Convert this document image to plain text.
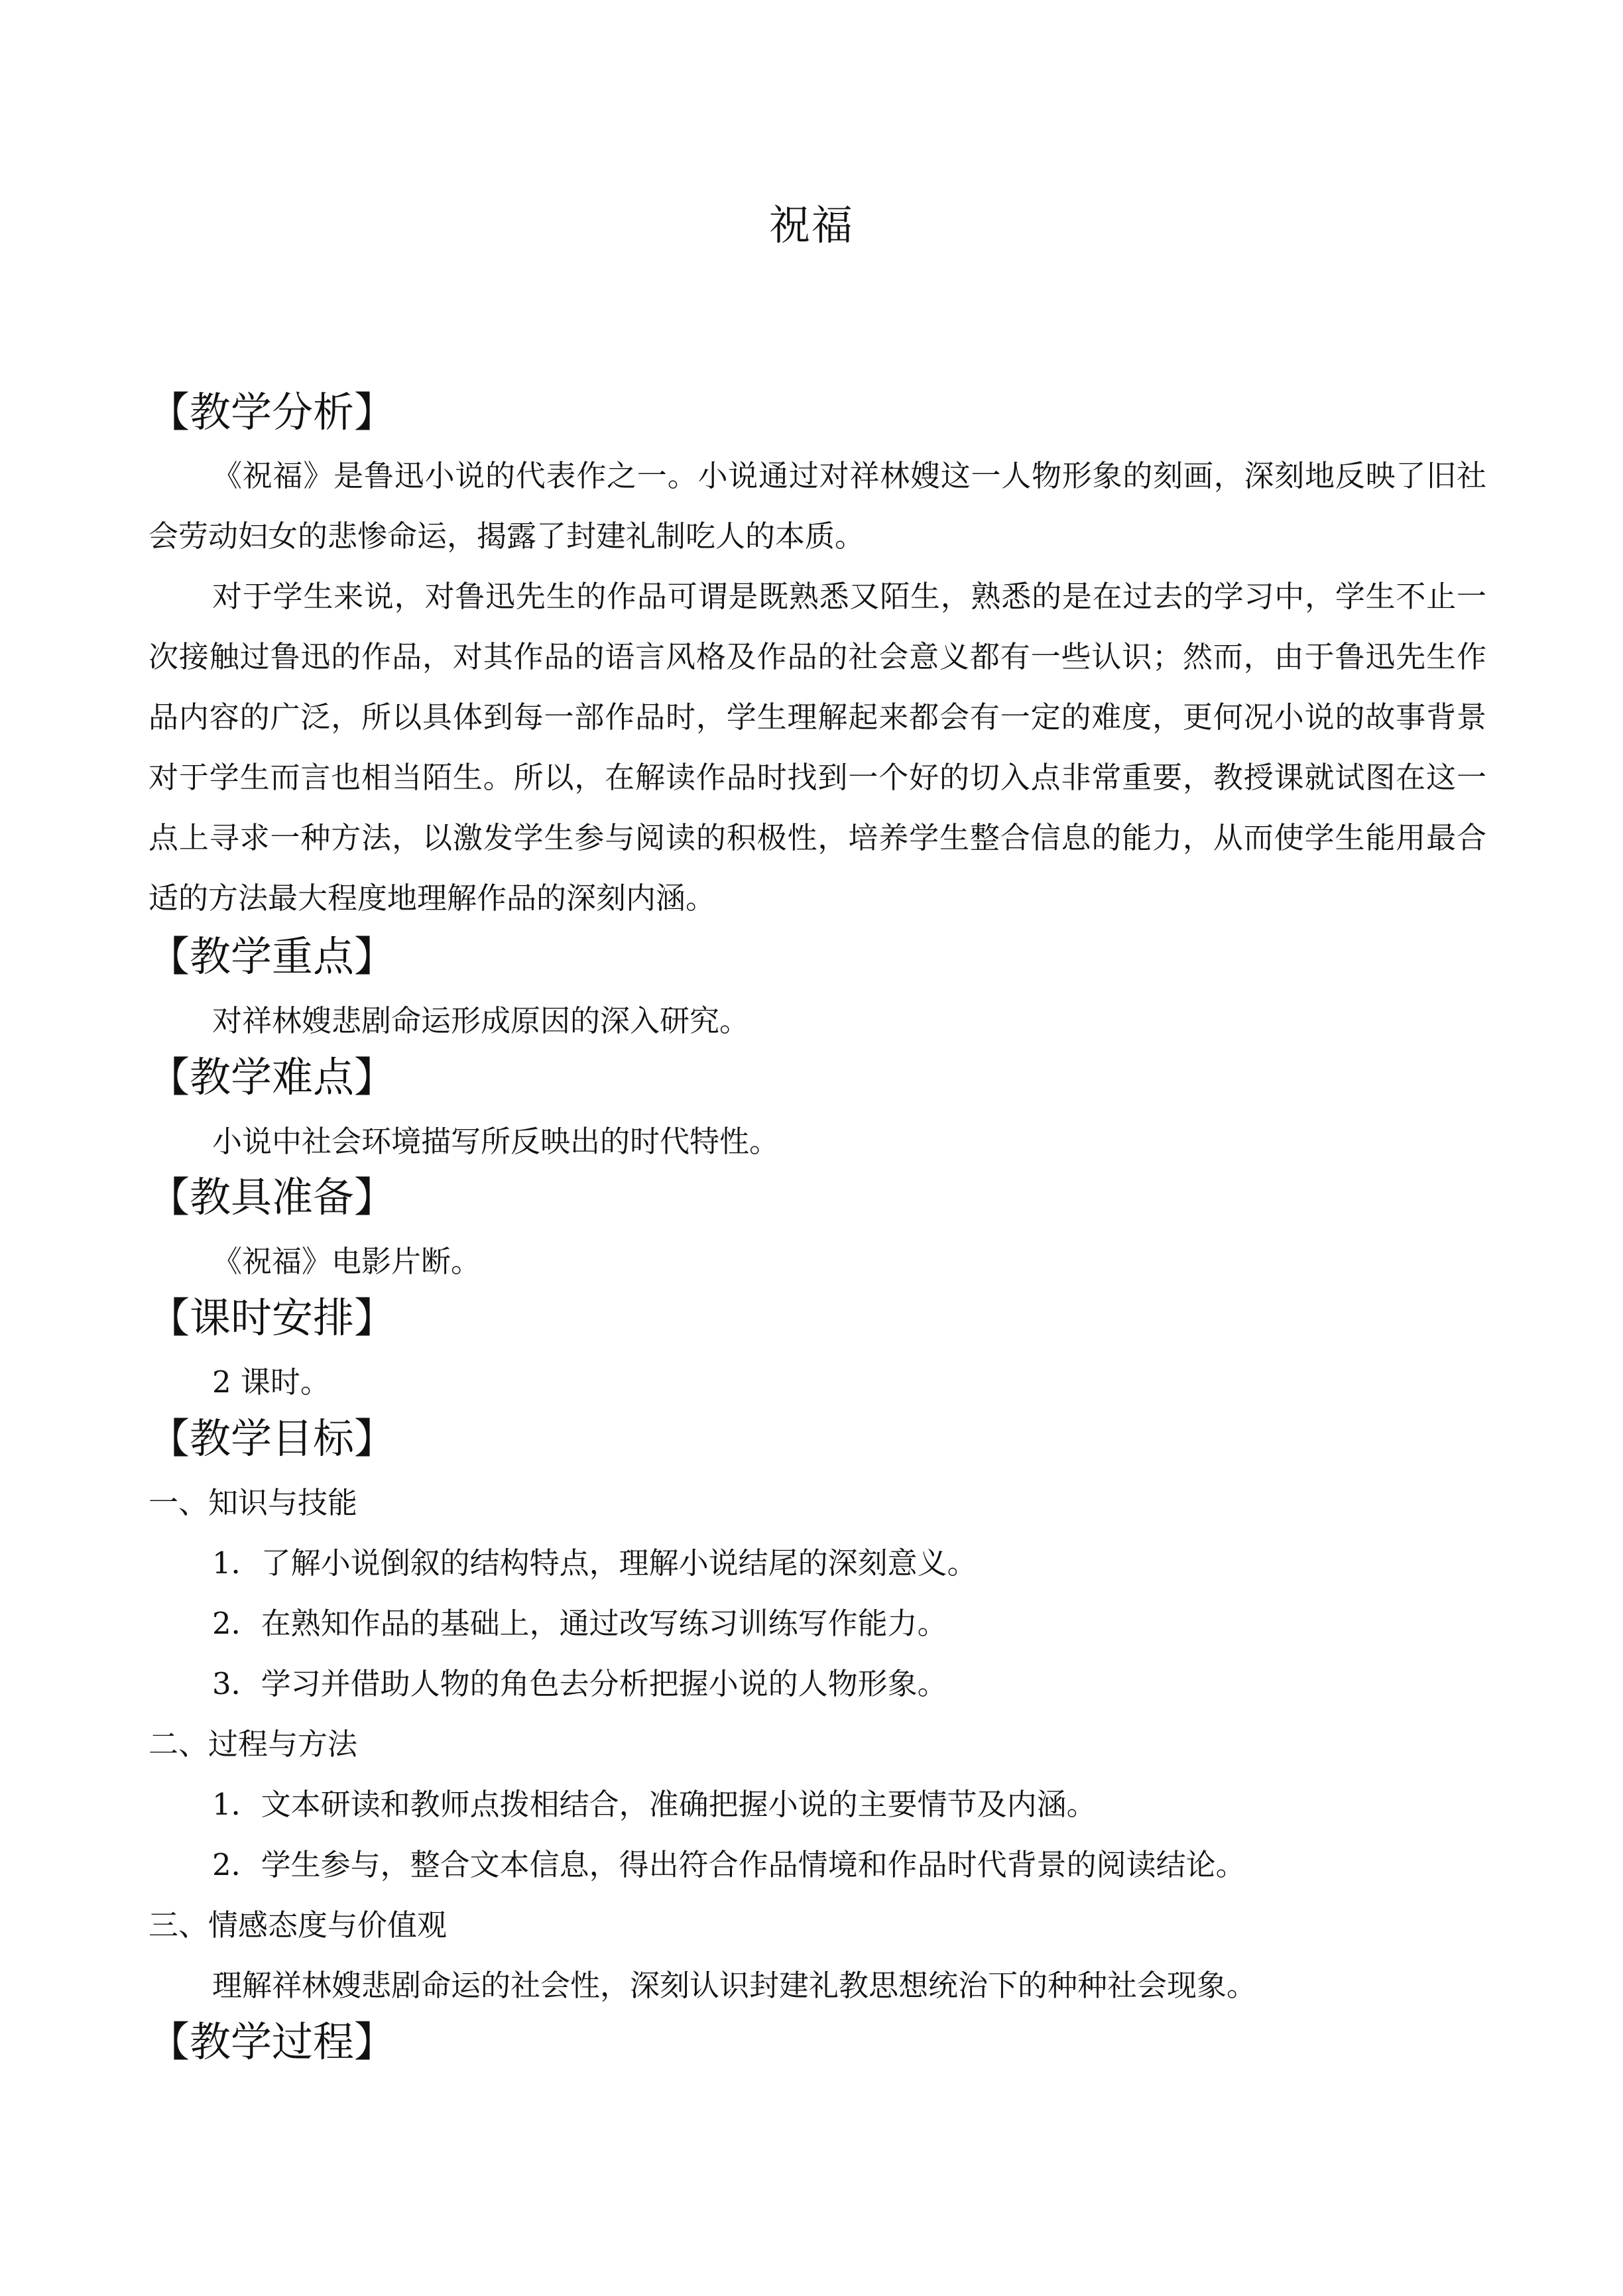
祝福
【教学分析】
《祝福》是鲁迅小说的代表作之一。小说通过对祥林嫂这一人物形象的刻画，深刻地反映了旧社会劳动妇女的悲惨命运，揭露了封建礼制吃人的本质。
对于学生来说，对鲁迅先生的作品可谓是既熟悉又陌生，熟悉的是在过去的学习中，学生不止一次接触过鲁迅的作品，对其作品的语言风格及作品的社会意义都有一些认识；然而，由于鲁迅先生作品内容的广泛，所以具体到每一部作品时，学生理解起来都会有一定的难度，更何况小说的故事背景对于学生而言也相当陌生。所以，在解读作品时找到一个好的切入点非常重要，教授课就试图在这一点上寻求一种方法，以激发学生参与阅读的积极性，培养学生整合信息的能力，从而使学生能用最合适的方法最大程度地理解作品的深刻内涵。
【教学重点】
对祥林嫂悲剧命运形成原因的深入研究。
【教学难点】
小说中社会环境描写所反映出的时代特性。
【教具准备】
《祝福》电影片断。
【课时安排】
2 课时。
【教学目标】
一、知识与技能
1．了解小说倒叙的结构特点，理解小说结尾的深刻意义。
2．在熟知作品的基础上，通过改写练习训练写作能力。
3．学习并借助人物的角色去分析把握小说的人物形象。
二、过程与方法
1．文本研读和教师点拨相结合，准确把握小说的主要情节及内涵。
2．学生参与，整合文本信息，得出符合作品情境和作品时代背景的阅读结论。
三、情感态度与价值观
理解祥林嫂悲剧命运的社会性，深刻认识封建礼教思想统治下的种种社会现象。
【教学过程】
